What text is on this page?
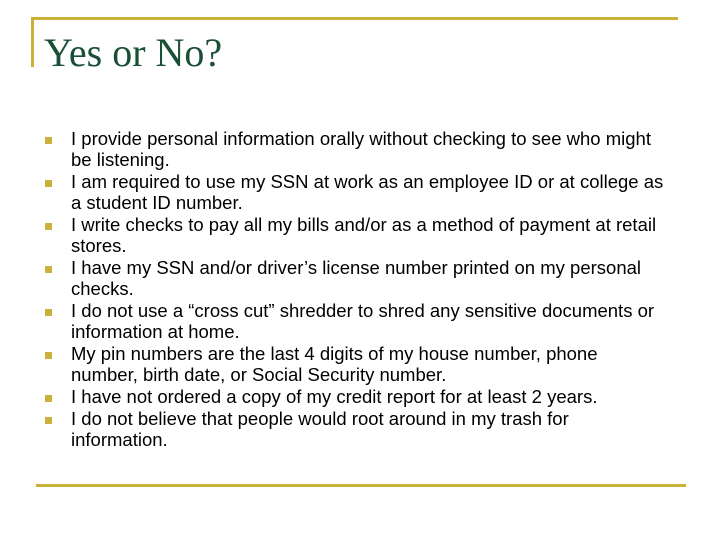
Yes or No?
I provide personal information orally without checking to see who might be listening.
I am required to use my SSN at work as an employee ID or at college as a student ID number.
I write checks to pay all my bills and/or as a method of payment at retail stores.
I have my SSN and/or driver’s license number printed on my personal checks.
I do not use a “cross cut” shredder to shred any sensitive documents or information at home.
My pin numbers are the last 4 digits of my house number, phone number, birth date, or Social Security number.
I have not ordered a copy of my credit report for at least 2 years.
I do not believe that people would root around in my trash for information.
